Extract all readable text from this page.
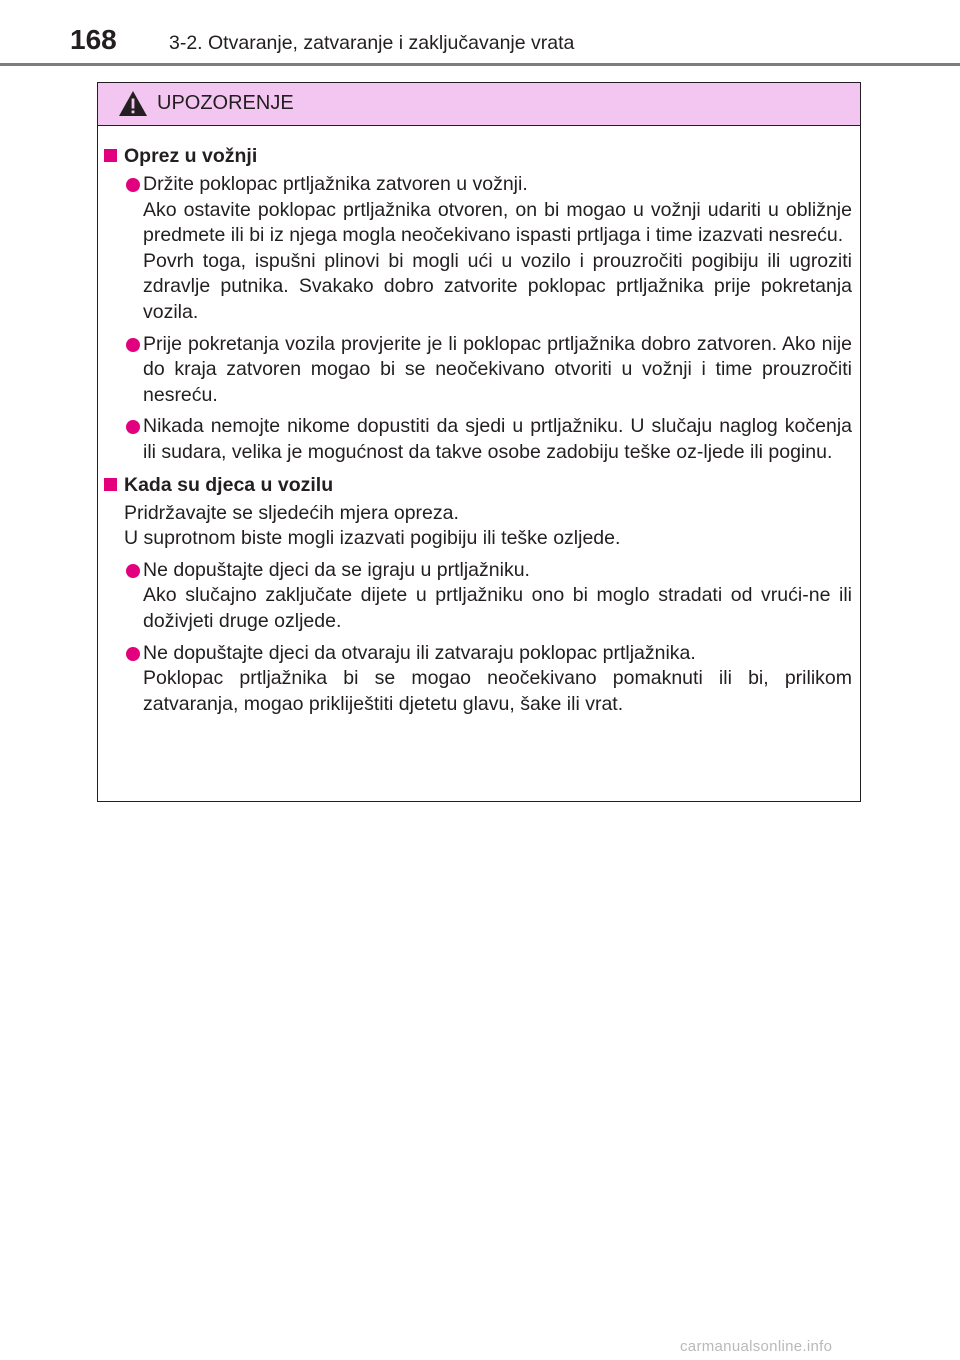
168	3-2. Otvaranje, zatvaranje i zaključavanje vrata
UPOZORENJE
Oprez u vožnji
Držite poklopac prtljažnika zatvoren u vožnji.
Ako ostavite poklopac prtljažnika otvoren, on bi mogao u vožnji udariti u obližnje predmete ili bi iz njega mogla neočekivano ispasti prtljaga i time izazvati nesreću.
Povrh toga, ispušni plinovi bi mogli ući u vozilo i prouzročiti pogibiju ili ugroziti zdravlje putnika. Svakako dobro zatvorite poklopac prtljažnika prije pokretanja vozila.
Prije pokretanja vozila provjerite je li poklopac prtljažnika dobro zatvoren. Ako nije do kraja zatvoren mogao bi se neočekivano otvoriti u vožnji i time prouzročiti nesreću.
Nikada nemojte nikome dopustiti da sjedi u prtljažniku. U slučaju naglog kočenja ili sudara, velika je mogućnost da takve osobe zadobiju teške oz-ljede ili poginu.
Kada su djeca u vozilu
Pridržavajte se sljedećih mjera opreza.
U suprotnom biste mogli izazvati pogibiju ili teške ozljede.
Ne dopuštajte djeci da se igraju u prtljažniku.
Ako slučajno zaključate dijete u prtljažniku ono bi moglo stradati od vrući-ne ili doživjeti druge ozljede.
Ne dopuštajte djeci da otvaraju ili zatvaraju poklopac prtljažnika.
Poklopac prtljažnika bi se mogao neočekivano pomaknuti ili bi, prilikom zatvaranja, mogao prikliještiti djetetu glavu, šake ili vrat.
carmanualsonline.info
